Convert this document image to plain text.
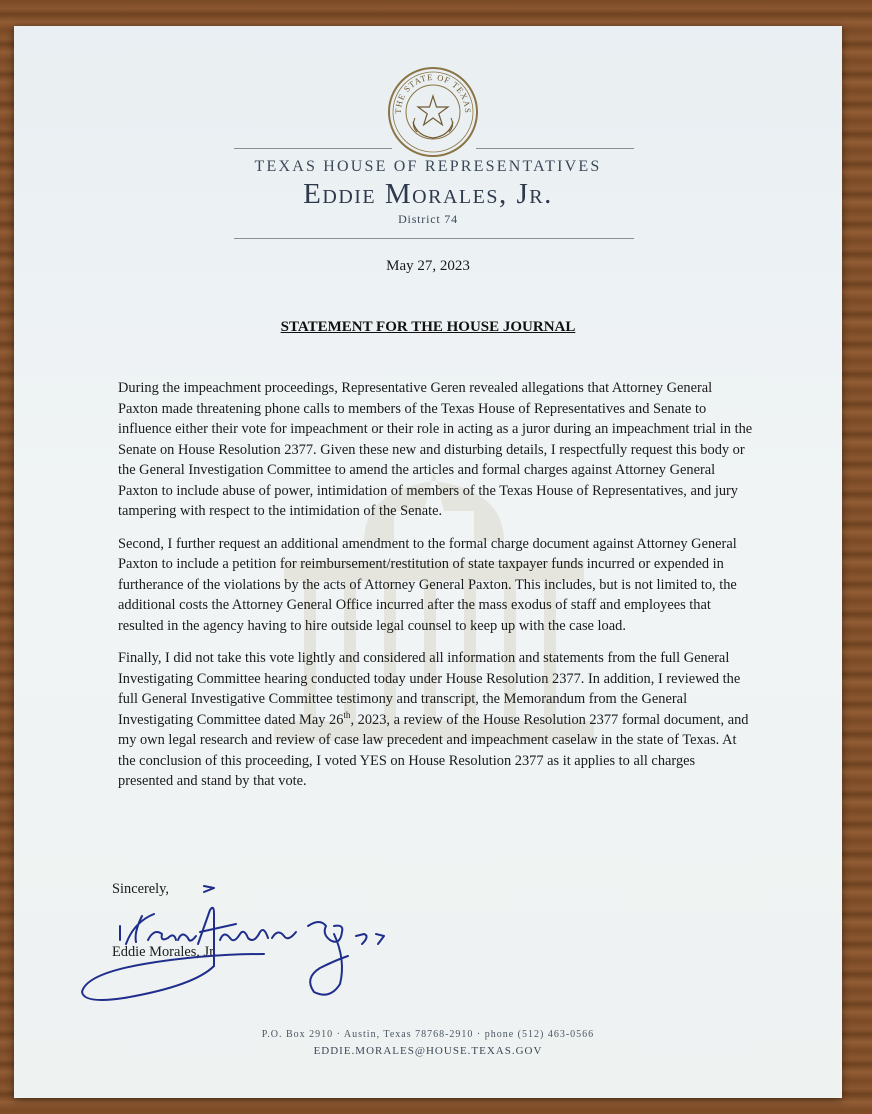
THE STATE OF TEXAS
TEXAS HOUSE OF REPRESENTATIVES
Eddie Morales, Jr.
District 74
May 27, 2023
STATEMENT FOR THE HOUSE JOURNAL

During the impeachment proceedings, Representative Geren revealed allegations that Attorney General Paxton made threatening phone calls to members of the Texas House of Representatives and Senate to influence either their vote for impeachment or their role in acting as a juror during an impeachment trial in the Senate on House Resolution 2377. Given these new and disturbing details, I respectfully request this body or the General Investigation Committee to amend the articles and formal charges against Attorney General Paxton to include abuse of power, intimidation of members of the Texas House of Representatives, and jury tampering with respect to the intimidation of the Senate.

Second, I further request an additional amendment to the formal charge document against Attorney General Paxton to include a petition for reimbursement/restitution of state taxpayer funds incurred or expended in furtherance of the violations by the acts of Attorney General Paxton. This includes, but is not limited to, the additional costs the Attorney General Office incurred after the mass exodus of staff and employees that resulted in the agency having to hire outside legal counsel to keep up with the case load.

Finally, I did not take this vote lightly and considered all information and statements from the full General Investigating Committee hearing conducted today under House Resolution 2377. In addition, I reviewed the full General Investigative Committee testimony and transcript, the Memorandum from the General Investigating Committee dated May 26th, 2023, a review of the House Resolution 2377 formal document, and my own legal research and review of case law precedent and impeachment caselaw in the state of Texas. At the conclusion of this proceeding, I voted YES on House Resolution 2377 as it applies to all charges presented and stand by that vote.

Sincerely,
Eddie Morales, Jr.
P.O. Box 2910 · Austin, Texas 78768-2910 · phone (512) 463-0566
EDDIE.MORALES@HOUSE.TEXAS.GOV
